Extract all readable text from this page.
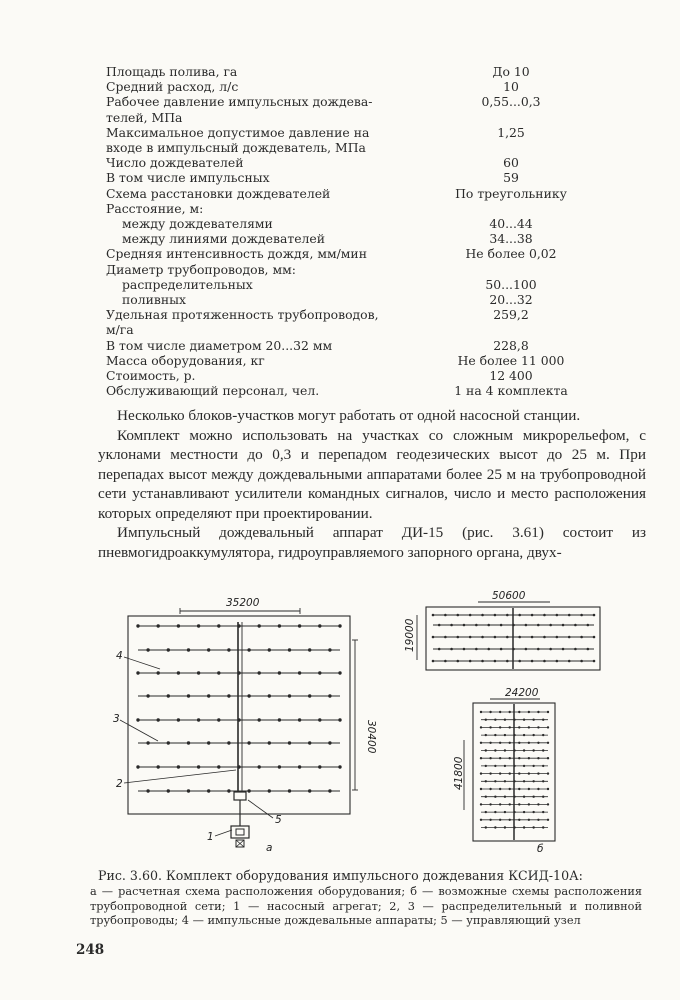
Площадь полива, га	До 10
Средний расход, л/с	10
Рабочее давление импульсных дождева-	0,55...0,3
телей, МПа
Максимальное допустимое давление на	1,25
входе в импульсный дождеватель, МПа
Число дождевателей	60
В том числе импульсных	59
Схема расстановки дождевателей	По треугольнику
Расстояние, м:
между дождевателями	40...44
между линиями дождевателей	34...38
Средняя интенсивность дождя, мм/мин	Не более 0,02
Диаметр трубопроводов, мм:
распределительных	50...100
поливных	20...32
Удельная протяженность трубопроводов,	259,2
м/га
В том числе диаметром 20...32 мм	228,8
Масса оборудования, кг	Не более 11 000
Стоимость, р.	12 400
Обслуживающий персонал, чел.	1 на 4 комплекта

Несколько блоков-участков могут работать от одной насосной станции.

Комплект можно использовать на участках со сложным микрорельефом, с уклонами местности до 0,3 и перепадом геодезических высот до 25 м. При перепадах высот между дождевальными аппаратами более 25 м на трубопроводной сети устанавливают усилители командных сигналов, число и место расположения которых определяют при проектировании.

Импульсный дождевальный аппарат ДИ-15 (рис. 3.61) состоит из пневмогидроаккумулятора, гидроуправляемого запорного органа, двух-

35200
30400
4
3
2
5
1
а
50600
19000
24200
41800
б
Рис. 3.60. Комплект оборудования импульсного дождевания КСИД-10А:
а — расчетная схема расположения оборудования; б — возможные схемы расположения трубопроводной сети; 1 — насосный агрегат; 2, 3 — распределительный и поливной трубопроводы; 4 — импульсные дождевальные аппараты; 5 — управляющий узел
248
